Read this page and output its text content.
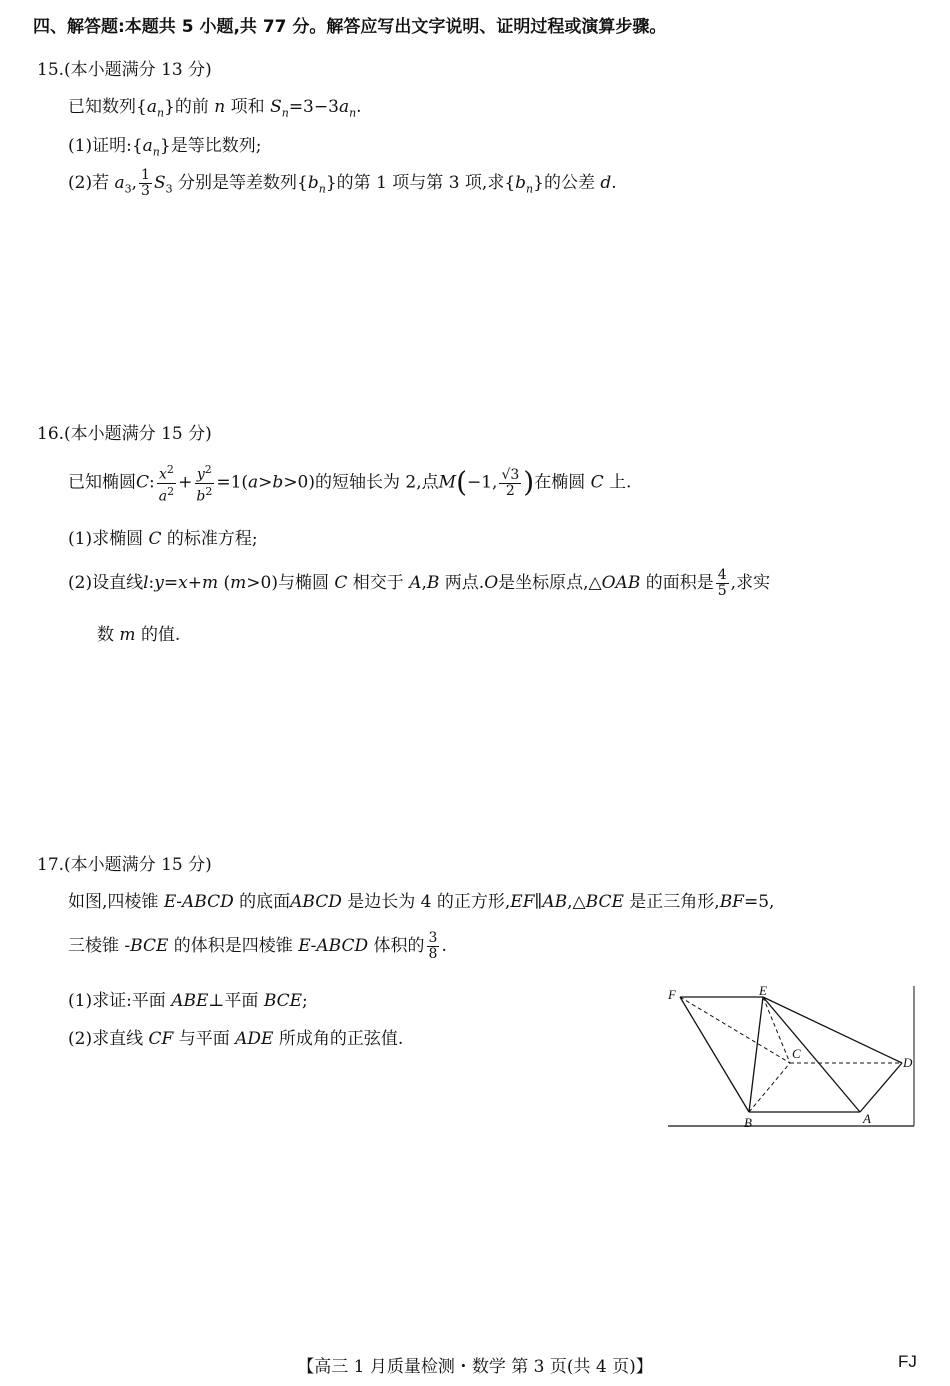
四、解答题:本题共 5 小题,共 77 分。解答应写出文字说明、证明过程或演算步骤。
15.(本小题满分 13 分)
已知数列$\{a_n\}$的前 n 项和 $S_n=3-3a_n$.
(1)证明$:\{a_n\}$是等比数列;
(2)若 $a_3$, $\frac{1}{3} S_3$ 分别是等差数列$\{b_n\}$的第 1 项与第 3 项,求$\{b_n\}$的公差 d.
16.(本小题满分 15 分)
已知椭圆C: $\frac{x^2}{a^2} + \frac{y^2}{b^2} =1(a>b>0)$的短轴长为 2,点M(−1, $\frac{√3}{2}$ )在椭圆 C 上.
(1)求椭圆 C 的标准方程;
(2)设直线l:y=x+m (m>0)与椭圆 C 相交于 A,B 两点.O是坐标原点,△OAB 的面积是 $\frac{4}{5}$ ,求实
数 m 的值.
17.(本小题满分 15 分)
如图,四棱锥 E-ABCD 的底面ABCD 是边长为 4 的正方形,EF∥AB,△BCE 是正三角形,BF=5,
三棱锥 -BCE 的体积是四棱锥 E-ABCD 体积的 $\frac{3}{8}$ .
(1)求证:平面 ABE⊥平面 BCE;
(2)求直线 CF 与平面 ADE 所成角的正弦值.
F	E
C
D
B	A
【高三 1 月质量检测・数学 第 3 页(共 4 页)】	FJ
